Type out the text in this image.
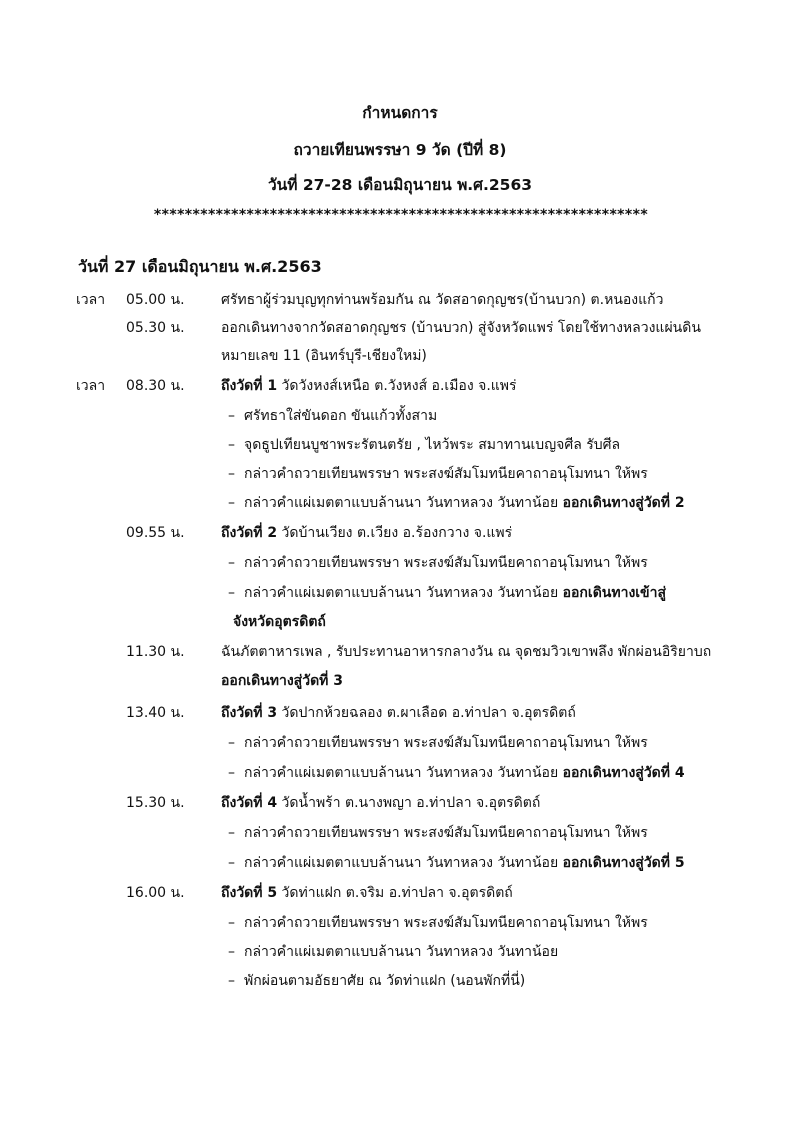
กำหนดการ
ถวายเทียนพรรษา 9 วัด (ปีที่ 8)
วันที่ 27-28 เดือนมิถุนายน พ.ศ.2563
****************************************************************
วันที่ 27 เดือนมิถุนายน พ.ศ.2563
เวลา 05.00 น.	ศรัทธาผู้ร่วมบุญทุกท่านพร้อมกัน ณ วัดสอาดกุญชร(บ้านบวก) ต.หนองแก้ว
05.30 น.	ออกเดินทางจากวัดสอาดกุญชร (บ้านบวก) สู่จังหวัดแพร่ โดยใช้ทางหลวงแผ่นดิน
หมายเลข 11 (อินทร์บุรี-เชียงใหม่)
เวลา 08.30 น.	ถึงวัดที่ 1 วัดวังหงส์เหนือ ต.วังหงส์ อ.เมือง จ.แพร่
– ศรัทธาใส่ขันดอก ขันแก้วทั้งสาม
– จุดธูปเทียนบูชาพระรัตนตรัย , ไหว้พระ สมาทานเบญจศีล รับศีล
– กล่าวคำถวายเทียนพรรษา พระสงฆ์สัมโมทนียคาถาอนุโมทนา ให้พร
– กล่าวคำแผ่เมตตาแบบล้านนา วันทาหลวง วันทาน้อย ออกเดินทางสู่วัดที่ 2
09.55 น.	ถึงวัดที่ 2 วัดบ้านเวียง ต.เวียง อ.ร้องกวาง จ.แพร่
– กล่าวคำถวายเทียนพรรษา พระสงฆ์สัมโมทนียคาถาอนุโมทนา ให้พร
– กล่าวคำแผ่เมตตาแบบล้านนา วันทาหลวง วันทาน้อย ออกเดินทางเข้าสู่
จังหวัดอุตรดิตถ์
11.30 น.	ฉันภัตตาหารเพล , รับประทานอาหารกลางวัน ณ จุดชมวิวเขาพลึง พักผ่อนอิริยาบถ
ออกเดินทางสู่วัดที่ 3
13.40 น.	ถึงวัดที่ 3 วัดปากห้วยฉลอง ต.ผาเลือด อ.ท่าปลา จ.อุตรดิตถ์
– กล่าวคำถวายเทียนพรรษา พระสงฆ์สัมโมทนียคาถาอนุโมทนา ให้พร
– กล่าวคำแผ่เมตตาแบบล้านนา วันทาหลวง วันทาน้อย ออกเดินทางสู่วัดที่ 4
15.30 น.	ถึงวัดที่ 4 วัดน้ำพร้า ต.นางพญา อ.ท่าปลา จ.อุตรดิตถ์
– กล่าวคำถวายเทียนพรรษา พระสงฆ์สัมโมทนียคาถาอนุโมทนา ให้พร
– กล่าวคำแผ่เมตตาแบบล้านนา วันทาหลวง วันทาน้อย ออกเดินทางสู่วัดที่ 5
16.00 น.	ถึงวัดที่ 5 วัดท่าแฝก ต.จริม อ.ท่าปลา จ.อุตรดิตถ์
– กล่าวคำถวายเทียนพรรษา พระสงฆ์สัมโมทนียคาถาอนุโมทนา ให้พร
– กล่าวคำแผ่เมตตาแบบล้านนา วันทาหลวง วันทาน้อย
– พักผ่อนตามอัธยาศัย ณ วัดท่าแฝก (นอนพักที่นี่)
